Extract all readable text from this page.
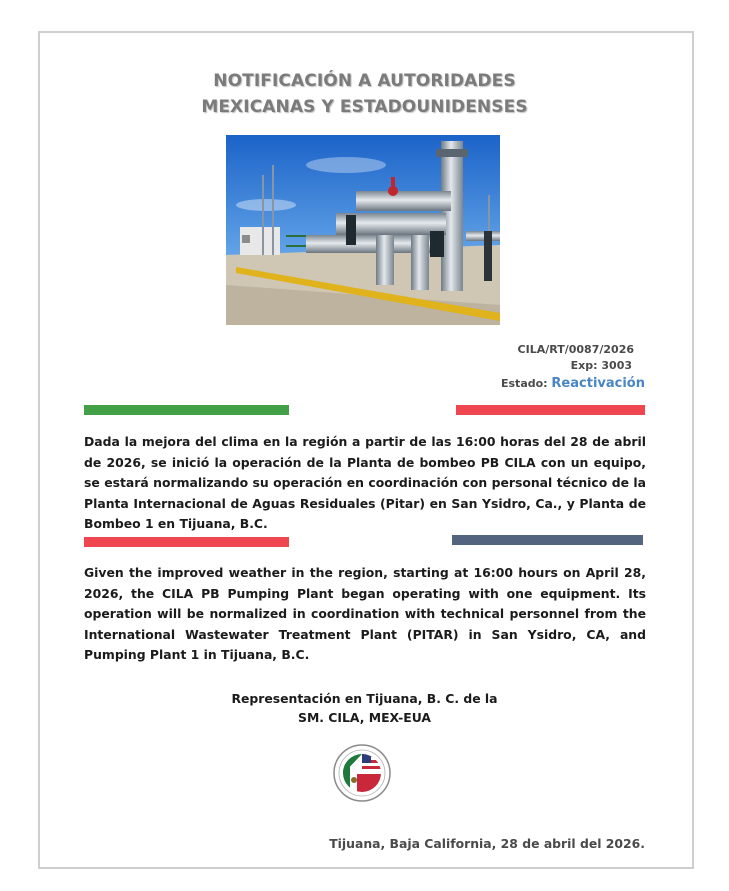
NOTIFICACIÓN A AUTORIDADES
MEXICANAS Y ESTADOUNIDENSES
CILA/RT/0087/2026
Exp: 3003
Estado: Reactivación
Dada la mejora del clima en la región a partir de las 16:00 horas del 28 de abril de 2026, se inició la operación de la Planta de bombeo PB CILA con un equipo, se estará normalizando su operación en coordinación con personal técnico de la Planta Internacional de Aguas Residuales (Pitar) en San Ysidro, Ca., y Planta de Bombeo 1 en Tijuana, B.C.
Given the improved weather in the region, starting at 16:00 hours on April 28, 2026, the CILA PB Pumping Plant began operating with one equipment. Its operation will be normalized in coordination with technical personnel from the International Wastewater Treatment Plant (PITAR) in San Ysidro, CA, and Pumping Plant 1 in Tijuana, B.C.
Representación en Tijuana, B. C. de la
SM. CILA, MEX-EUA
Tijuana, Baja California, 28 de abril del 2026.
